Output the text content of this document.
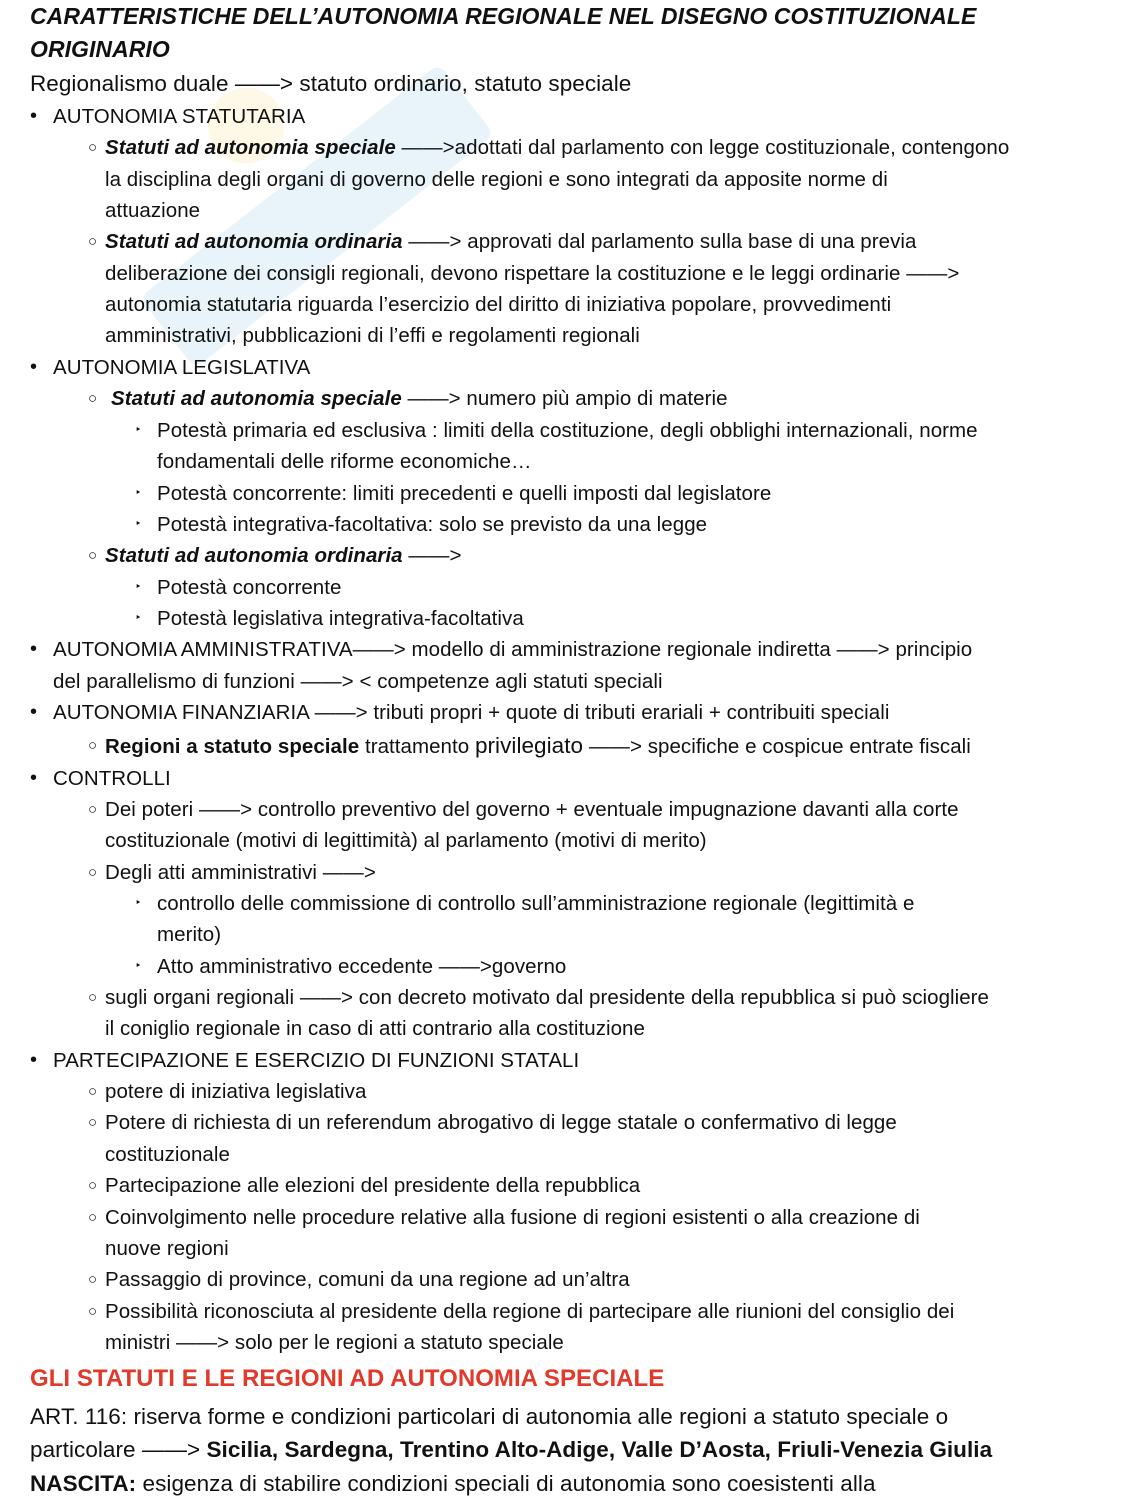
CARATTERISTICHE DELL’AUTONOMIA REGIONALE NEL DISEGNO COSTITUZIONALE
ORIGINARIO
Regionalismo duale ——> statuto ordinario, statuto speciale
• AUTONOMIA STATUTARIA
○ Statuti ad autonomia speciale ——>adottati dal parlamento con legge costituzionale, contengono
la disciplina degli organi di governo delle regioni e sono integrati da apposite norme di
attuazione
○ Statuti ad autonomia ordinaria ——> approvati dal parlamento sulla base di una previa
deliberazione dei consigli regionali, devono rispettare la costituzione e le leggi ordinarie ——>
autonomia statutaria riguarda l’esercizio del diritto di iniziativa popolare, provvedimenti
amministrativi, pubblicazioni di l’effi e regolamenti regionali
• AUTONOMIA LEGISLATIVA
○ Statuti ad autonomia speciale ——> numero più ampio di materie
‣ Potestà primaria ed esclusiva : limiti della costituzione, degli obblighi internazionali, norme
fondamentali delle riforme economiche…
‣ Potestà concorrente: limiti precedenti e quelli imposti dal legislatore
‣ Potestà integrativa-facoltativa: solo se previsto da una legge
○ Statuti ad autonomia ordinaria ——>
‣ Potestà concorrente
‣ Potestà legislativa integrativa-facoltativa
• AUTONOMIA AMMINISTRATIVA——> modello di amministrazione regionale indiretta ——> principio
del parallelismo di funzioni ——> < competenze agli statuti speciali
• AUTONOMIA FINANZIARIA ——> tributi propri + quote di tributi erariali + contribuiti speciali
○ Regioni a statuto speciale trattamento privilegiato ——> specifiche e cospicue entrate fiscali
• CONTROLLI
○ Dei poteri ——> controllo preventivo del governo + eventuale impugnazione davanti alla corte
costituzionale (motivi di legittimità) al parlamento (motivi di merito)
○ Degli atti amministrativi ——>
‣ controllo delle commissione di controllo sull’amministrazione regionale (legittimità e
merito)
‣ Atto amministrativo eccedente ——>governo
○ sugli organi regionali ——> con decreto motivato dal presidente della repubblica si può sciogliere
il coniglio regionale in caso di atti contrario alla costituzione
• PARTECIPAZIONE E ESERCIZIO DI FUNZIONI STATALI
○ potere di iniziativa legislativa
○ Potere di richiesta di un referendum abrogativo di legge statale o confermativo di legge
costituzionale
○ Partecipazione alle elezioni del presidente della repubblica
○ Coinvolgimento nelle procedure relative alla fusione di regioni esistenti o alla creazione di
nuove regioni
○ Passaggio di province, comuni da una regione ad un’altra
○ Possibilità riconosciuta al presidente della regione di partecipare alle riunioni del consiglio dei
ministri ——> solo per le regioni a statuto speciale
GLI STATUTI E LE REGIONI AD AUTONOMIA SPECIALE
ART. 116: riserva forme e condizioni particolari di autonomia alle regioni a statuto speciale o
particolare ——> Sicilia, Sardegna, Trentino Alto-Adige, Valle D’Aosta, Friuli-Venezia Giulia
NASCITA: esigenza di stabilire condizioni speciali di autonomia sono coesistenti alla
